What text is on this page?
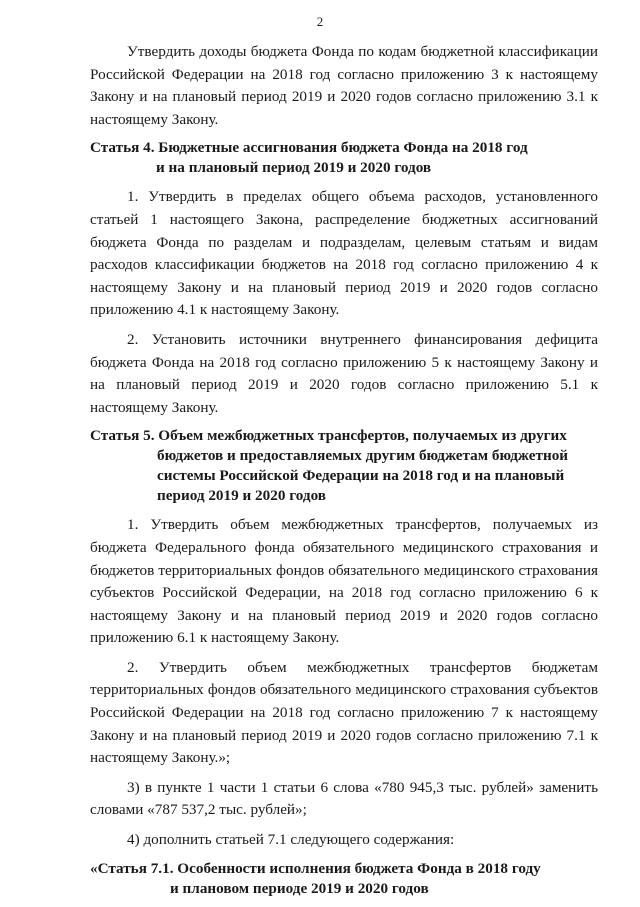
2

Утвердить доходы бюджета Фонда по кодам бюджетной классификации Российской Федерации на 2018 год согласно приложению 3 к настоящему Закону и на плановый период 2019 и 2020 годов согласно приложению 3.1 к настоящему Закону.

Статья 4. Бюджетные ассигнования бюджета Фонда на 2018 год
и на плановый период 2019 и 2020 годов

1. Утвердить в пределах общего объема расходов, установленного статьей 1 настоящего Закона, распределение бюджетных ассигнований бюджета Фонда по разделам и подразделам, целевым статьям и видам расходов классификации бюджетов на 2018 год согласно приложению 4 к настоящему Закону и на плановый период 2019 и 2020 годов согласно приложению 4.1 к настоящему Закону.

2. Установить источники внутреннего финансирования дефицита бюджета Фонда на 2018 год согласно приложению 5 к настоящему Закону и на плановый период 2019 и 2020 годов согласно приложению 5.1 к настоящему Закону.

Статья 5. Объем межбюджетных трансфертов, получаемых из других
бюджетов и предоставляемых другим бюджетам бюджетной
системы Российской Федерации на 2018 год и на плановый
период 2019 и 2020 годов

1. Утвердить объем межбюджетных трансфертов, получаемых из бюджета Федерального фонда обязательного медицинского страхования и бюджетов территориальных фондов обязательного медицинского страхования субъектов Российской Федерации, на 2018 год согласно приложению 6 к настоящему Закону и на плановый период 2019 и 2020 годов согласно приложению 6.1 к настоящему Закону.

2. Утвердить объем межбюджетных трансфертов бюджетам территориальных фондов обязательного медицинского страхования субъектов Российской Федерации на 2018 год согласно приложению 7 к настоящему Закону и на плановый период 2019 и 2020 годов согласно приложению 7.1 к настоящему Закону.»;

3) в пункте 1 части 1 статьи 6 слова «780 945,3 тыс. рублей» заменить словами «787 537,2 тыс. рублей»;

4) дополнить статьей 7.1 следующего содержания:

«Статья 7.1. Особенности исполнения бюджета Фонда в 2018 году
и плановом периоде 2019 и 2020 годов
